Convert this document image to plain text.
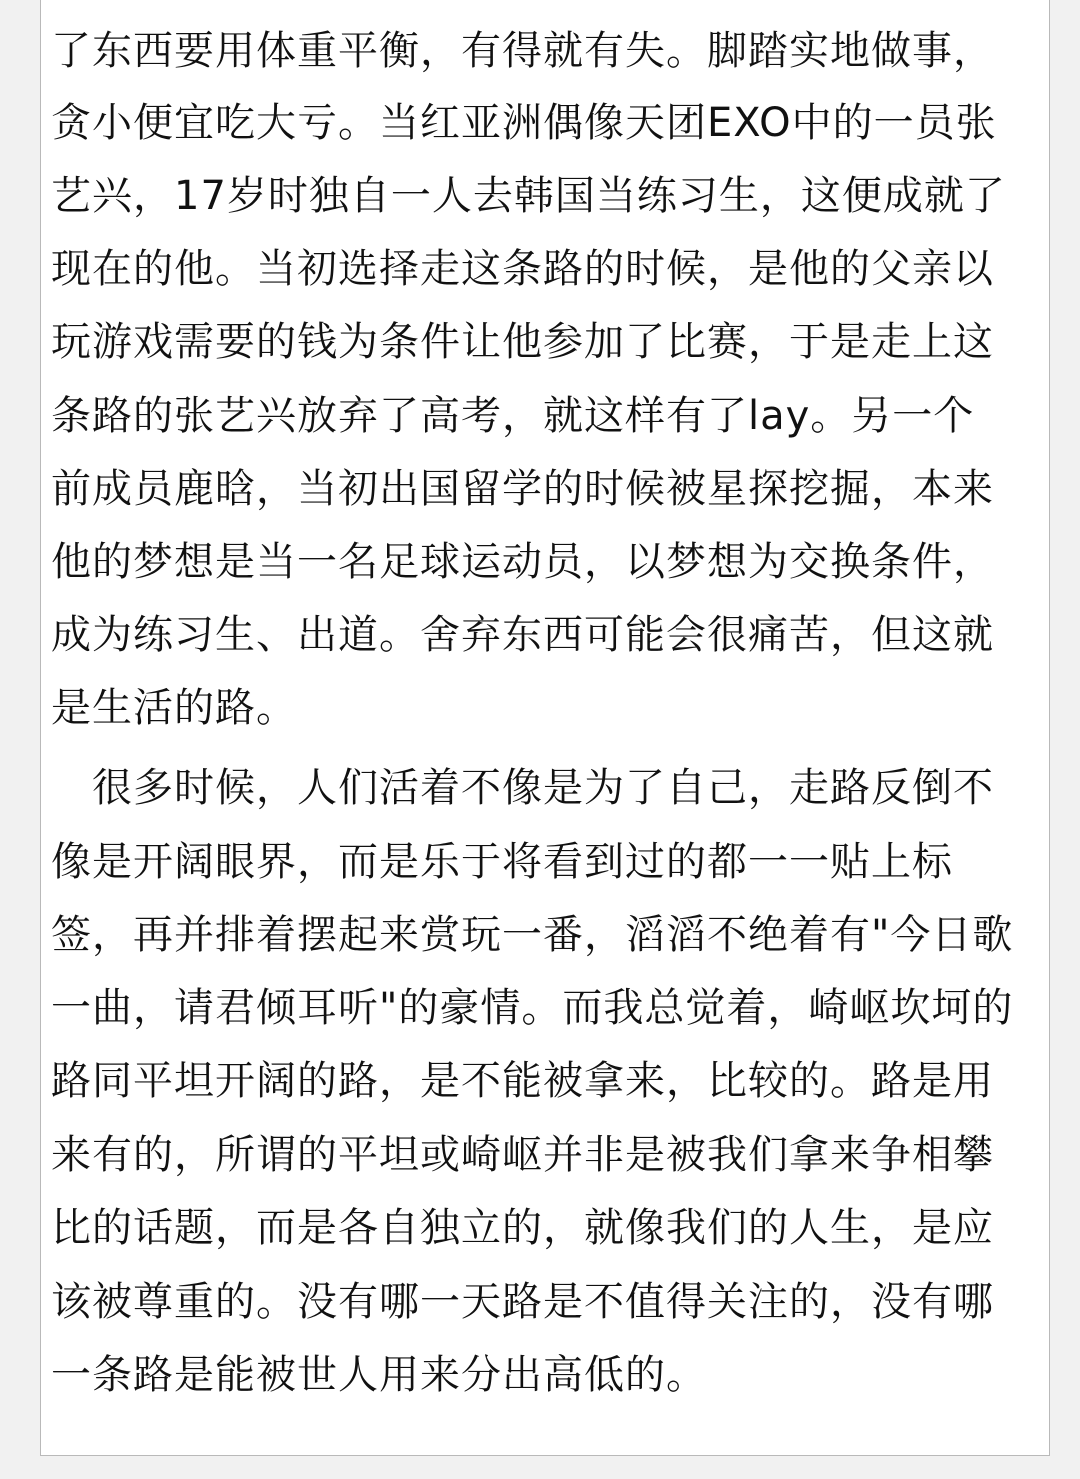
了东西要用体重平衡，有得就有失。脚踏实地做事，
贪小便宜吃大亏。当红亚洲偶像天团EXO中的一员张
艺兴，17岁时独自一人去韩国当练习生，这便成就了
现在的他。当初选择走这条路的时候，是他的父亲以
玩游戏需要的钱为条件让他参加了比赛，于是走上这
条路的张艺兴放弃了高考，就这样有了lay。另一个
前成员鹿晗，当初出国留学的时候被星探挖掘，本来
他的梦想是当一名足球运动员，以梦想为交换条件，
成为练习生、出道。舍弃东西可能会很痛苦，但这就
是生活的路。
　很多时候，人们活着不像是为了自己，走路反倒不
像是开阔眼界，而是乐于将看到过的都一一贴上标
签，再并排着摆起来赏玩一番，滔滔不绝着有"今日歌
一曲，请君倾耳听"的豪情。而我总觉着，崎岖坎坷的
路同平坦开阔的路，是不能被拿来，比较的。路是用
来有的，所谓的平坦或崎岖并非是被我们拿来争相攀
比的话题，而是各自独立的，就像我们的人生，是应
该被尊重的。没有哪一天路是不值得关注的，没有哪
一条路是能被世人用来分出高低的。
